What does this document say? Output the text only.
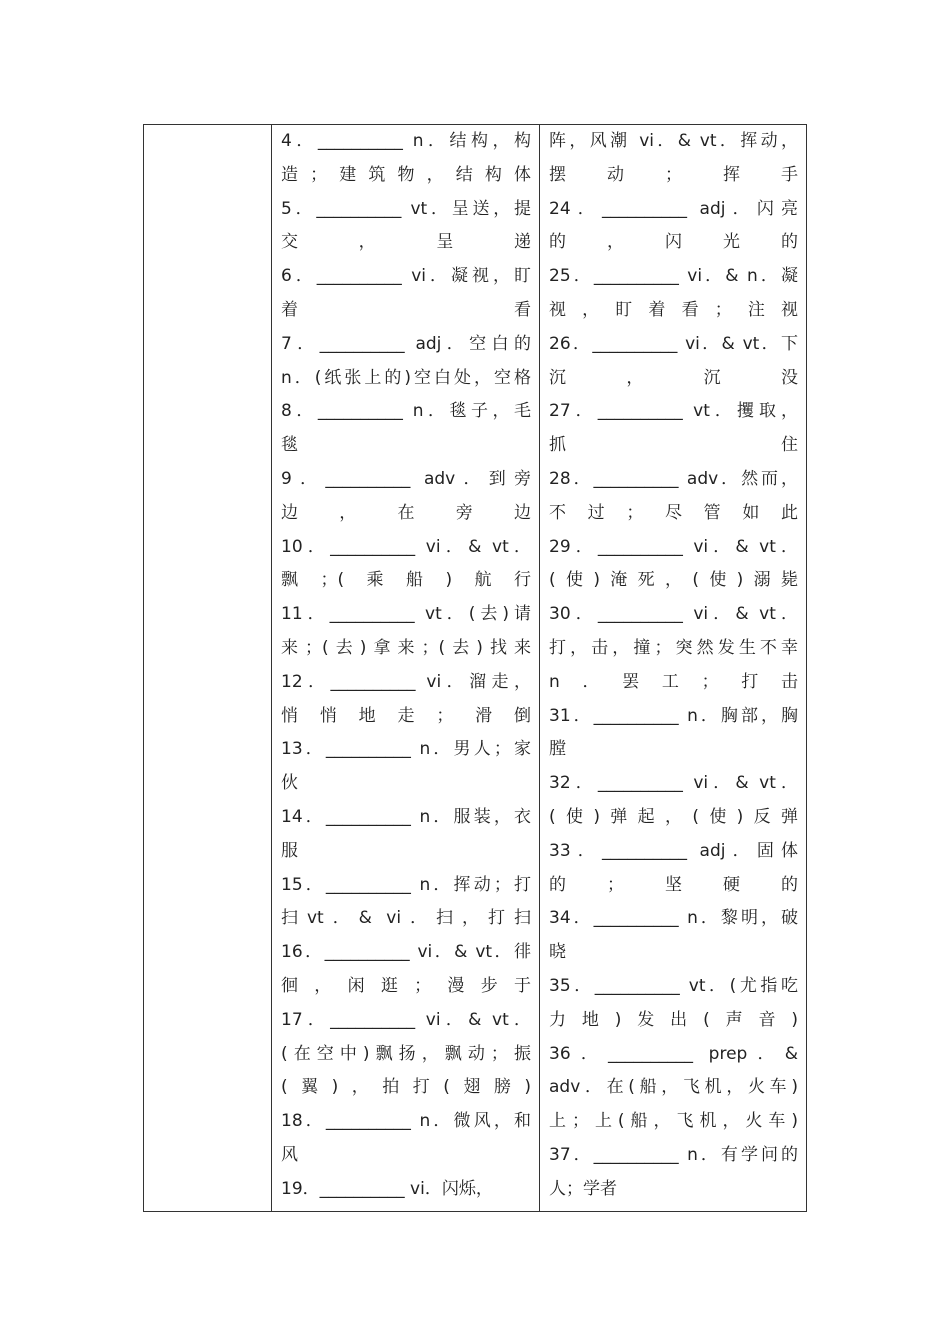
4．__________ n．结构，构
造；建筑物，结构体
5．__________ vt．呈送，提
交，呈递
6．__________ vi．凝视，盯
着看
7．__________ adj．空白的
n．(纸张上的)空白处，空格
8．__________ n．毯子，毛
毯
9．__________ adv．到旁
边，在旁边
10．__________ vi．& vt．
飘；(乘船)航行
11．__________ vt．(去)请
来；(去)拿来；(去)找来
12．__________ vi．溜走，
悄悄地走；滑倒
13．__________ n．男人；家
伙
14．__________ n．服装，衣
服
15．__________ n．挥动；打
扫vt．& vi．扫，打扫
16．__________ vi．& vt．徘
徊，闲逛；漫步于
17．__________ vi．& vt．
(在空中)飘扬，飘动；振
(翼)，拍打(翅膀)
18．__________ n．微风，和
风
19．__________ vi．闪烁，
阵，风潮 vi．& vt．挥动，
摆动；挥手
24．__________ adj．闪亮
的，闪光的
25．__________ vi．& n．凝
视，盯着看；注视
26．__________ vi．& vt．下
沉，沉没
27．__________ vt．攫取，
抓住
28．__________ adv．然而，
不过；尽管如此
29．__________ vi．& vt．
(使)淹死，(使)溺毙
30．__________ vi．& vt．
打，击，撞；突然发生不幸
n．罢工；打击
31．__________ n．胸部，胸
膛
32．__________ vi．& vt．
(使)弹起，(使)反弹
33．__________ adj．固体
的；坚硬的
34．__________ n．黎明，破
晓
35．__________ vt．(尤指吃
力地)发出(声音)
36．__________ prep．&
adv．在(船，飞机，火车)
上；上(船，飞机，火车)
37．__________ n．有学问的
人；学者
